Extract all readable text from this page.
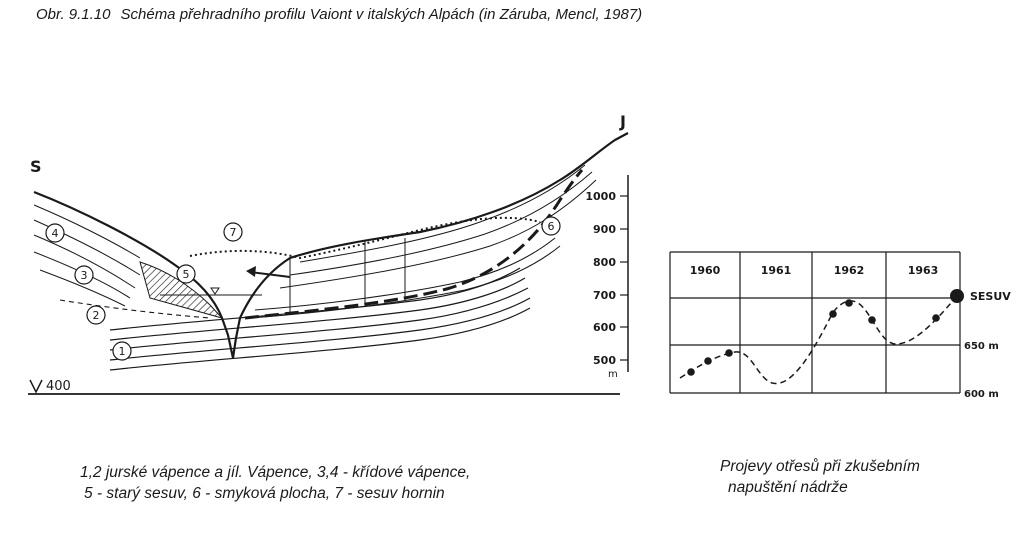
Obr. 9.1.10 Schéma přehradního profilu Vaiont v italských Alpách (in Záruba, Mencl, 1987)
S
J
400
1
2
3
4
5
6
7
1000
900
800
700
600
500
m
1960	1961	1962	1963
650 m
600 m
SESUV
1,2 jurské vápence a jíl. Vápence, 3,4 - křídové vápence,
5 - starý sesuv, 6 - smyková plocha, 7 - sesuv hornin
Projevy otřesů při zkušebním
napuštění nádrže
